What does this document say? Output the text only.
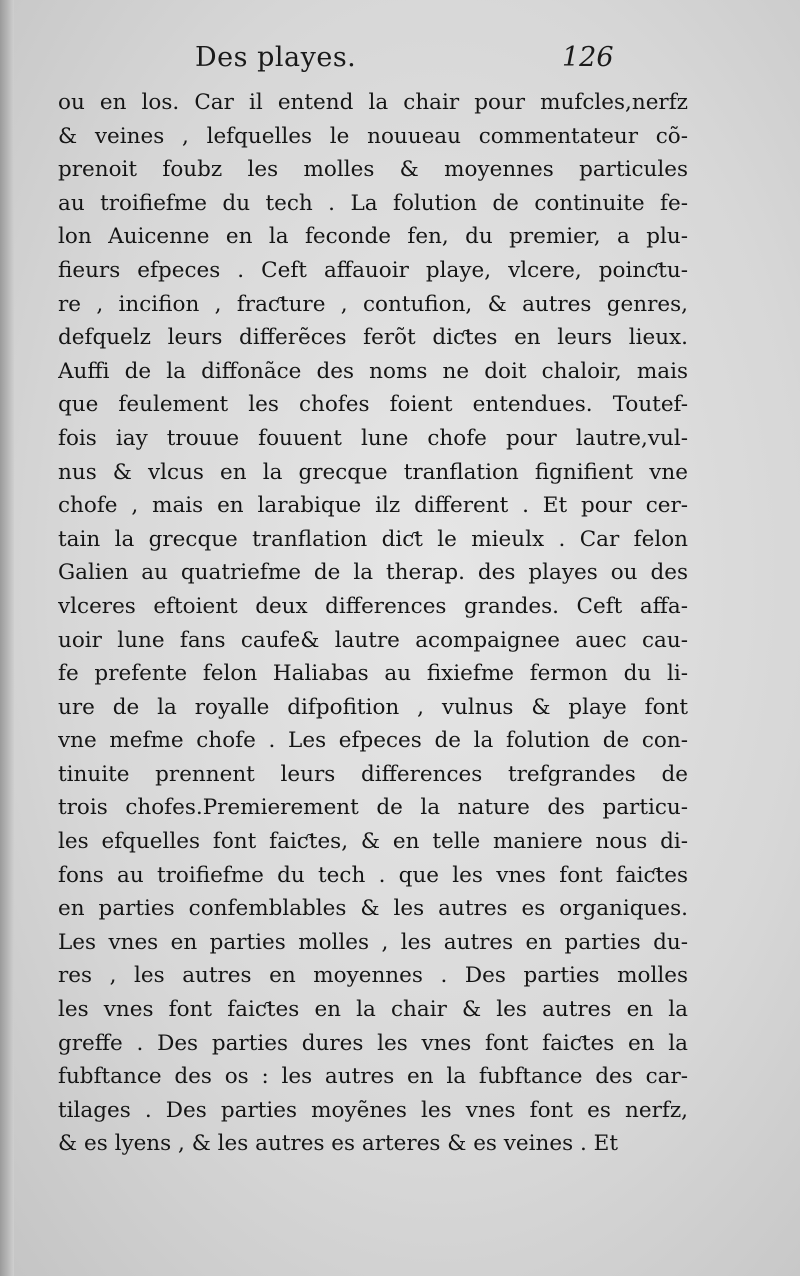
Des playes.	126
ou en los. Car il entend la chair pour mufcles,nerfz
& veines , lefquelles le nouueau commentateur cõ-
prenoit foubz les molles & moyennes particules
au troifiefme du tech . La folution de continuite fe-
lon Auicenne en la feconde fen, du premier, a plu-
fieurs efpeces . Ceft affauoir playe, vlcere, poinƈtu-
re , incifion , fraƈture , contufion, & autres genres,
defquelz leurs differẽces ferõt diƈtes en leurs lieux.
Auffi de la diffonãce des noms ne doit chaloir, mais
que feulement les chofes foient entendues. Toutef-
fois iay trouue fouuent lune chofe pour lautre,vul-
nus & vlcus en la grecque tranflation fignifient vne
chofe , mais en larabique ilz different . Et pour cer-
tain la grecque tranflation diƈt le mieulx . Car felon
Galien au quatriefme de la therap. des playes ou des
vlceres eftoient deux differences grandes. Ceft affa-
uoir lune fans caufe& lautre acompaignee auec cau-
fe prefente felon Haliabas au fixiefme fermon du li-
ure de la royalle difpofition , vulnus & playe font
vne mefme chofe . Les efpeces de la folution de con-
tinuite prennent leurs differences trefgrandes de
trois chofes.Premierement de la nature des particu-
les efquelles font faiƈtes, & en telle maniere nous di-
fons au troifiefme du tech . que les vnes font faiƈtes
en parties confemblables & les autres es organiques.
Les vnes en parties molles , les autres en parties du-
res , les autres en moyennes . Des parties molles
les vnes font faiƈtes en la chair & les autres en la
greffe . Des parties dures les vnes font faiƈtes en la
fubftance des os : les autres en la fubftance des car-
tilages . Des parties moyẽnes les vnes font es nerfz,
& es lyens , & les autres es arteres & es veines . Et
